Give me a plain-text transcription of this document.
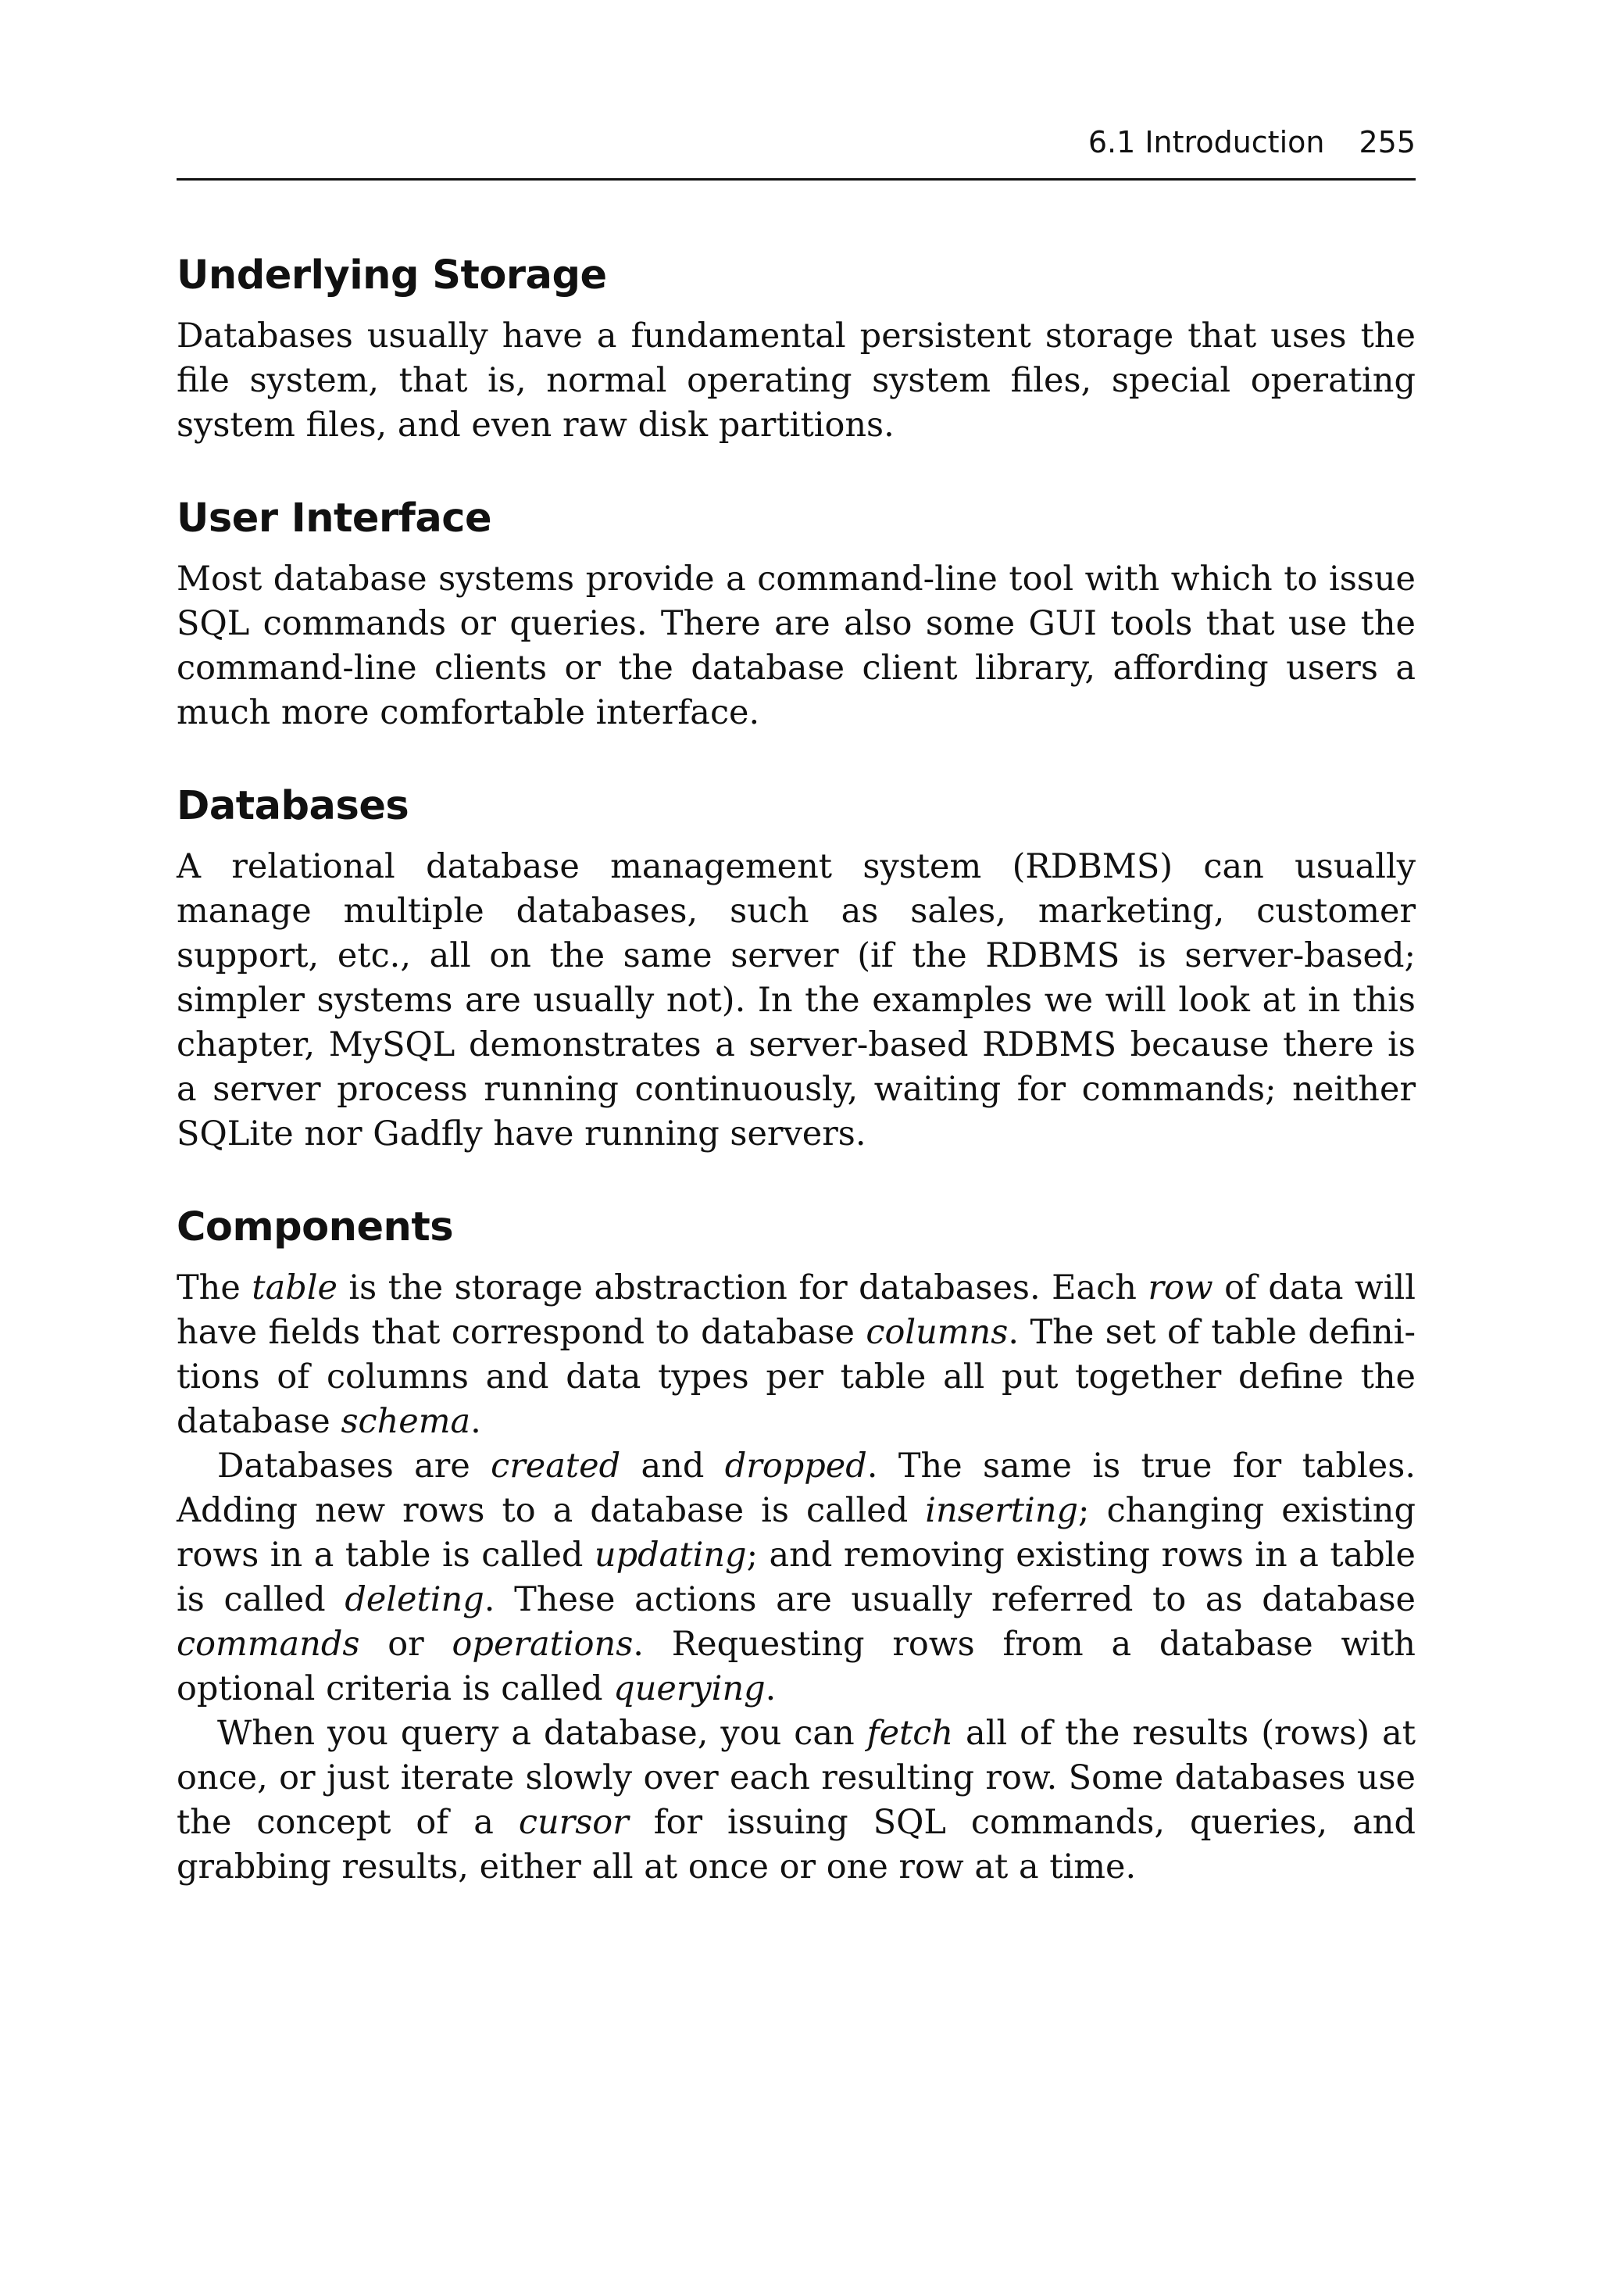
6.1 Introduction 255
Underlying Storage

Databases usually have a fundamental persistent storage that uses the file system, that is, normal operating system files, special operating system files, and even raw disk partitions.

User Interface

Most database systems provide a command-line tool with which to issue SQL commands or queries. There are also some GUI tools that use the command-line clients or the database client library, affording users a much more comfortable interface.

Databases

A relational database management system (RDBMS) can usually manage multiple databases, such as sales, marketing, customer support, etc., all on the same server (if the RDBMS is server-based; simpler systems are usually not). In the examples we will look at in this chapter, MySQL demonstrates a server-based RDBMS because there is a server process running continuously, waiting for commands; neither SQLite nor Gadfly have running servers.

Components

The table is the storage abstraction for databases. Each row of data will have fields that correspond to database columns. The set of table definitions of columns and data types per table all put together define the database schema.

Databases are created and dropped. The same is true for tables. Adding new rows to a database is called inserting; changing existing rows in a table is called updating; and removing existing rows in a table is called deleting. These actions are usually referred to as database commands or operations. Requesting rows from a database with optional criteria is called querying.

When you query a database, you can fetch all of the results (rows) at once, or just iterate slowly over each resulting row. Some databases use the concept of a cursor for issuing SQL commands, queries, and grabbing results, either all at once or one row at a time.
